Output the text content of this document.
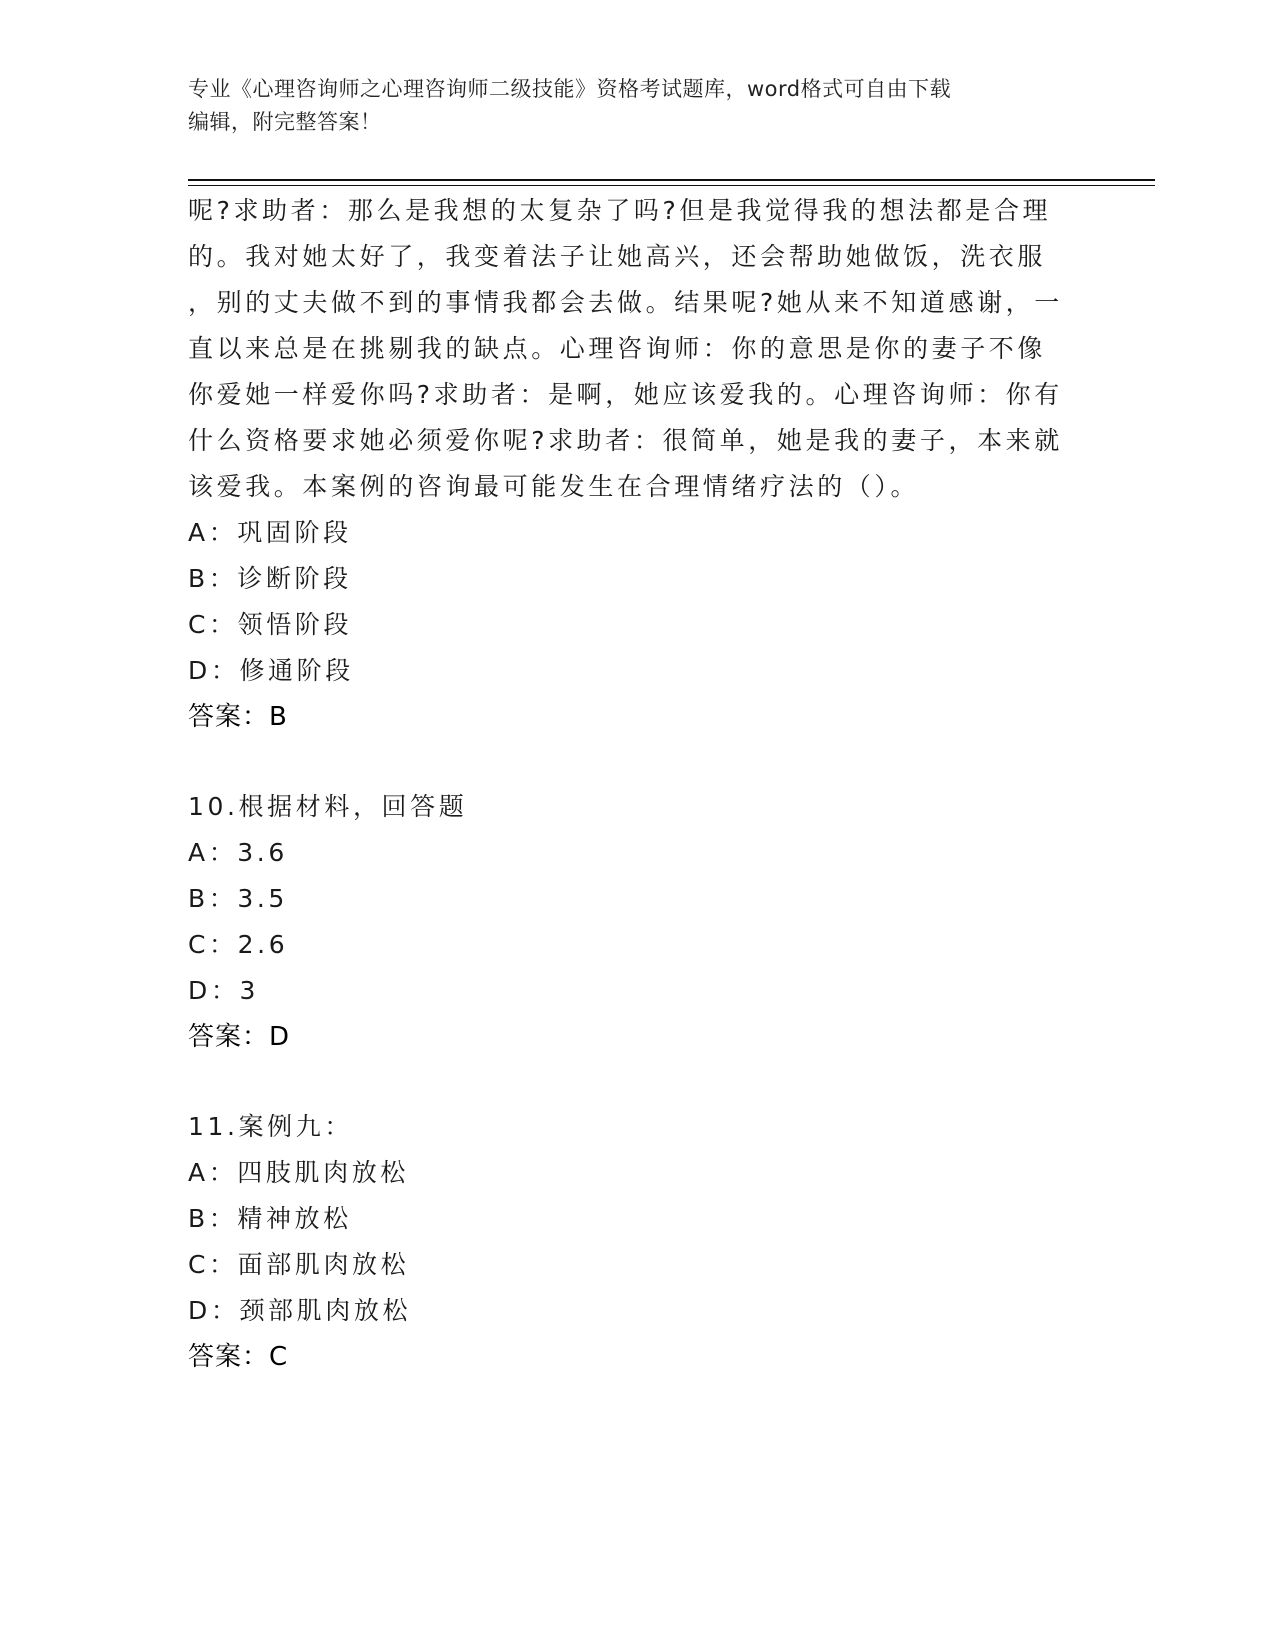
专业《心理咨询师之心理咨询师二级技能》资格考试题库，word格式可自由下载
编辑，附完整答案！
呢?求助者：那么是我想的太复杂了吗?但是我觉得我的想法都是合理
的。我对她太好了，我变着法子让她高兴，还会帮助她做饭，洗衣服
，别的丈夫做不到的事情我都会去做。结果呢?她从来不知道感谢，一
直以来总是在挑剔我的缺点。心理咨询师：你的意思是你的妻子不像
你爱她一样爱你吗?求助者：是啊，她应该爱我的。心理咨询师：你有
什么资格要求她必须爱你呢?求助者：很简单，她是我的妻子，本来就
该爱我。本案例的咨询最可能发生在合理情绪疗法的（）。
A：巩固阶段
B：诊断阶段
C：领悟阶段
D：修通阶段
答案：B
10.根据材料，回答题
A：3.6
B：3.5
C：2.6
D：3
答案：D
11.案例九：
A：四肢肌肉放松
B：精神放松
C：面部肌肉放松
D：颈部肌肉放松
答案：C
